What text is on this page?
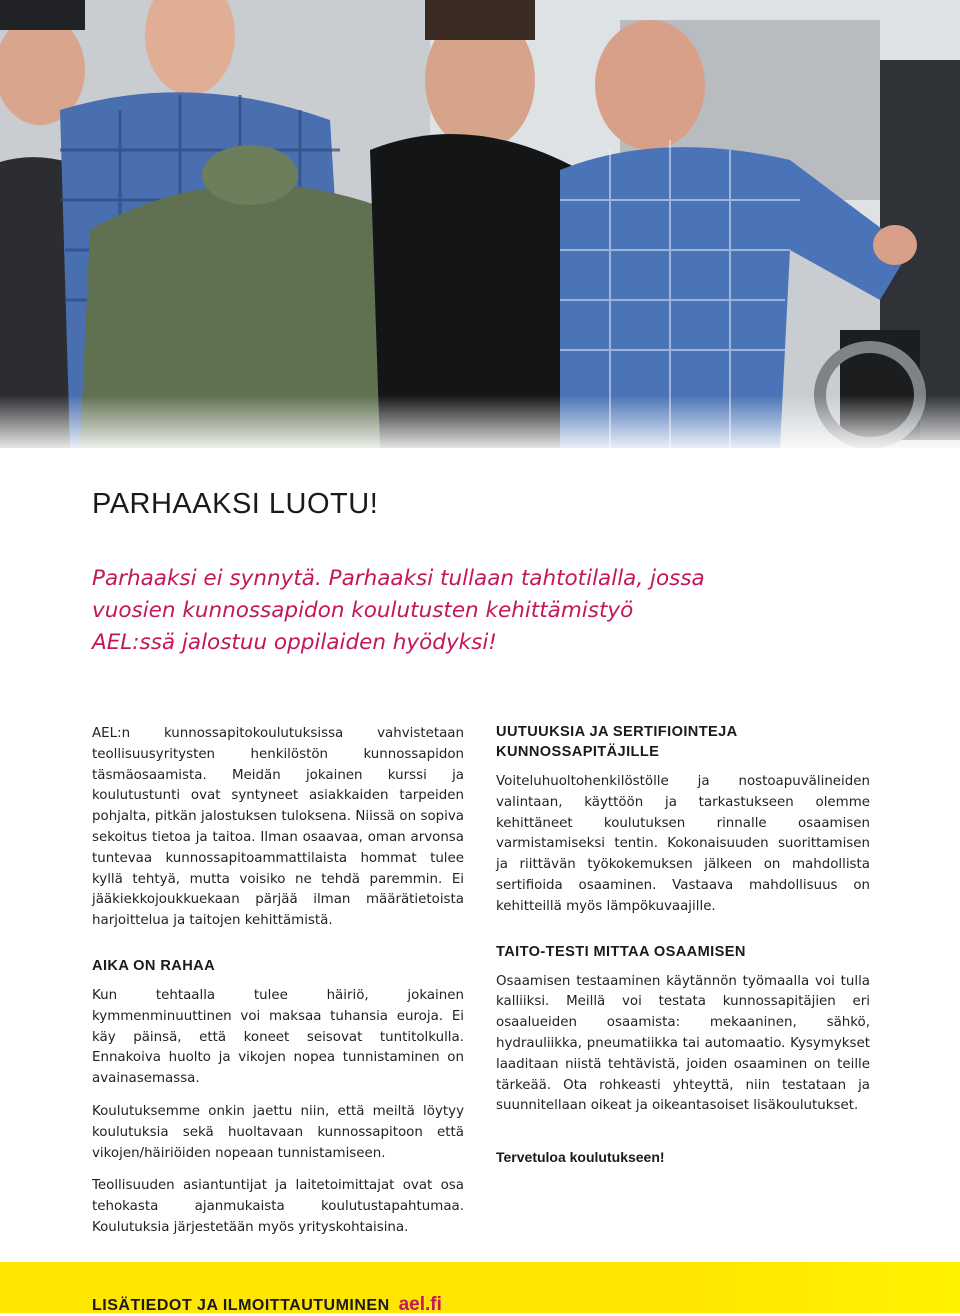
PARHAAKSI LUOTU!

Parhaaksi ei synnytä. Parhaaksi tullaan tahtotilalla, jossa vuosien kunnossapidon koulutusten kehittämistyö AEL:ssä jalostuu oppilaiden hyödyksi!

AEL:n kunnossapitokoulutuksissa vahvistetaan teollisuusyritysten henkilöstön kunnossapidon täsmäosaamista. Meidän jokainen kurssi ja koulutustunti ovat syntyneet asiakkaiden tarpeiden pohjalta, pitkän jalostuksen tuloksena. Niissä on sopiva sekoitus tietoa ja taitoa. Ilman osaavaa, oman arvonsa tuntevaa kunnossapitoammattilaista hommat tulee kyllä tehtyä, mutta voisiko ne tehdä paremmin. Ei jääkiekkojoukkuekaan pärjää ilman määrätietoista harjoittelua ja taitojen kehittämistä.

AIKA ON RAHAA

Kun tehtaalla tulee häiriö, jokainen kymmenminuuttinen voi maksaa tuhansia euroja. Ei käy päinsä, että koneet seisovat tuntitolkulla. Ennakoiva huolto ja vikojen nopea tunnistaminen on avainasemassa.

Koulutuksemme onkin jaettu niin, että meiltä löytyy koulutuksia sekä huoltavaan kunnossapitoon että vikojen/häiriöiden nopeaan tunnistamiseen.

Teollisuuden asiantuntijat ja laitetoimittajat ovat osa tehokasta ajanmukaista koulutustapahtumaa. Koulutuksia järjestetään myös yrityskohtaisina.

UUTUUKSIA JA SERTIFIOINTEJA KUNNOSSAPITÄJILLE

Voiteluhuoltohenkilöstölle ja nostoapuvälineiden valintaan, käyttöön ja tarkastukseen olemme kehittäneet koulutuksen rinnalle osaamisen varmistamiseksi tentin. Kokonaisuuden suorittamisen ja riittävän työkokemuksen jälkeen on mahdollista sertifioida osaaminen. Vastaava mahdollisuus on kehitteillä myös lämpökuvaajille.

TAITO-TESTI MITTAA OSAAMISEN

Osaamisen testaaminen käytännön työmaalla voi tulla kalliiksi. Meillä voi testata kunnossapitäjien eri osaalueiden osaamista: mekaaninen, sähkö, hydrauliikka, pneumatiikka tai automaatio. Kysymykset laaditaan niistä tehtävistä, joiden osaaminen on teille tärkeää. Ota rohkeasti yhteyttä, niin testataan ja suunnitellaan oikeat ja oikeantasoiset lisäkoulutukset.

Tervetuloa koulutukseen!

LISÄTIEDOT JA ILMOITTAUTUMINEN ael.fi
